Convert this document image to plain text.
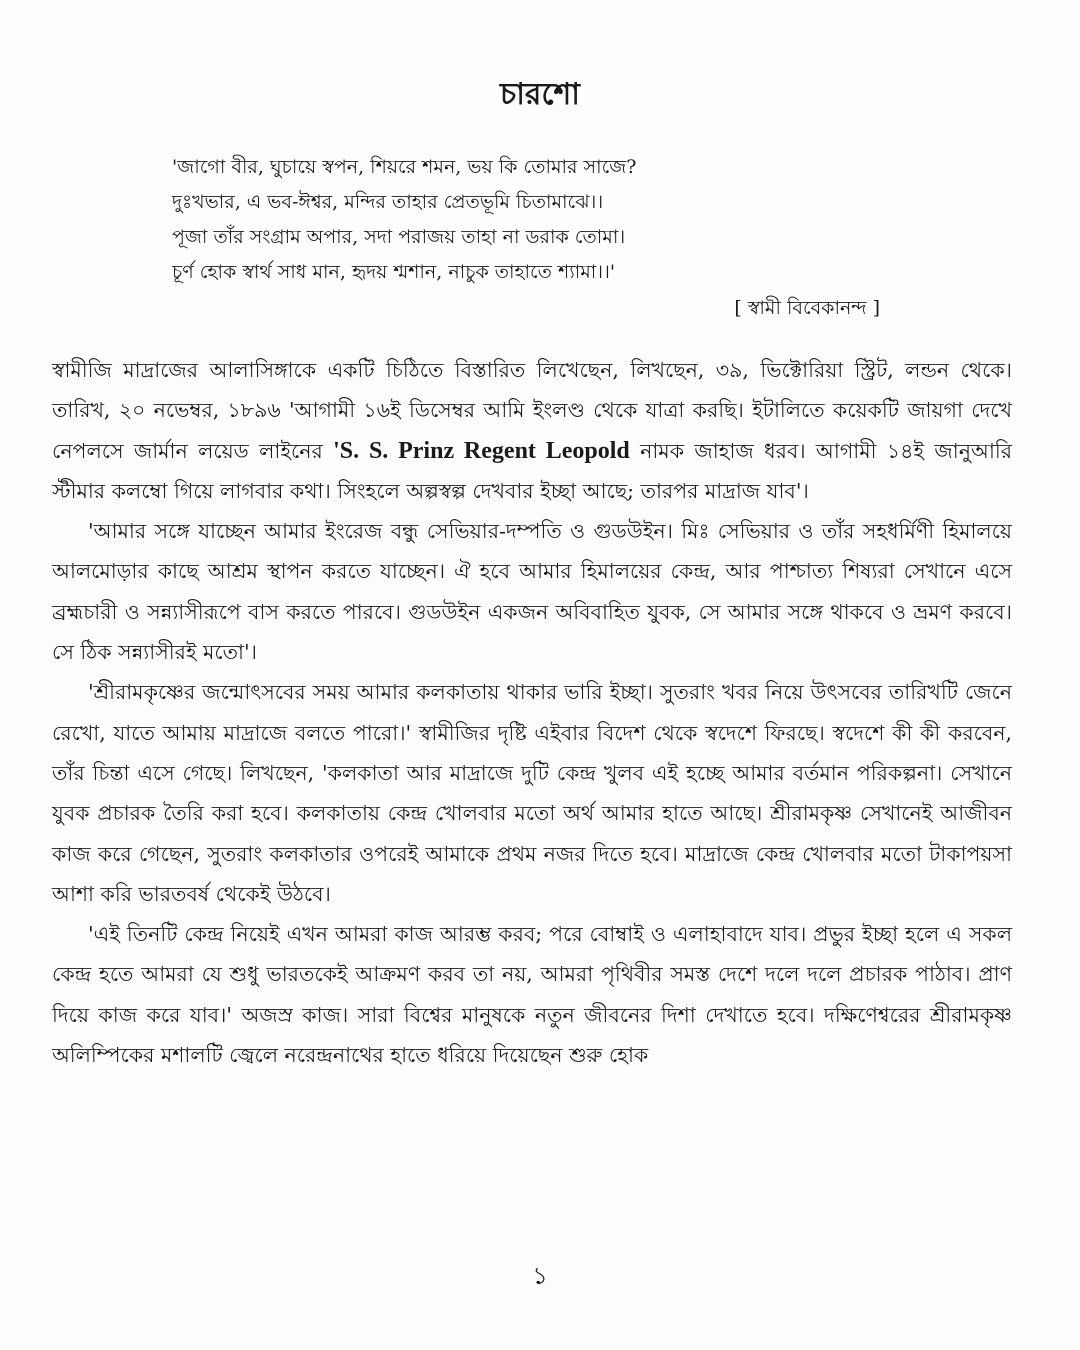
চারশো
'জাগো বীর, ঘুচায়ে স্বপন, শিয়রে শমন, ভয় কি তোমার সাজে?
দুঃখভার, এ ভব-ঈশ্বর, মন্দির তাহার প্রেতভূমি চিতামাঝে।।
পূজা তাঁর সংগ্রাম অপার, সদা পরাজয় তাহা না ডরাক তোমা।
চূর্ণ হোক স্বার্থ সাধ মান, হৃদয় শ্মশান, নাচুক তাহাতে শ্যামা।।'
[ স্বামী বিবেকানন্দ ]

স্বামীজি মাদ্রাজের আলাসিঙ্গাকে একটি চিঠিতে বিস্তারিত লিখেছেন, লিখছেন, ৩৯, ভিক্টোরিয়া স্ট্রিট, লন্ডন থেকে। তারিখ, ২০ নভেম্বর, ১৮৯৬ 'আগামী ১৬ই ডিসেম্বর আমি ইংলণ্ড থেকে যাত্রা করছি। ইটালিতে কয়েকটি জায়গা দেখে নেপলসে জার্মান লয়েড লাইনের 'S. S. Prinz Regent Leopold নামক জাহাজ ধরব। আগামী ১৪ই জানুআরি স্টীমার কলম্বো গিয়ে লাগবার কথা। সিংহলে অল্পস্বল্প দেখবার ইচ্ছা আছে; তারপর মাদ্রাজ যাব'।

'আমার সঙ্গে যাচ্ছেন আমার ইংরেজ বন্ধু সেভিয়ার-দম্পতি ও গুডউইন। মিঃ সেভিয়ার ও তাঁর সহধর্মিণী হিমালয়ে আলমোড়ার কাছে আশ্রম স্থাপন করতে যাচ্ছেন। ঐ হবে আমার হিমালয়ের কেন্দ্র, আর পাশ্চাত্য শিষ্যরা সেখানে এসে ব্রহ্মচারী ও সন্ন্যাসীরূপে বাস করতে পারবে। গুডউইন একজন অবিবাহিত যুবক, সে আমার সঙ্গে থাকবে ও ভ্রমণ করবে। সে ঠিক সন্ন্যাসীরই মতো'।

'শ্রীরামকৃষ্ণের জন্মোৎসবের সময় আমার কলকাতায় থাকার ভারি ইচ্ছা। সুতরাং খবর নিয়ে উৎসবের তারিখটি জেনে রেখো, যাতে আমায় মাদ্রাজে বলতে পারো।' স্বামীজির দৃষ্টি এইবার বিদেশ থেকে স্বদেশে ফিরছে। স্বদেশে কী কী করবেন, তাঁর চিন্তা এসে গেছে। লিখছেন, 'কলকাতা আর মাদ্রাজে দুটি কেন্দ্র খুলব এই হচ্ছে আমার বর্তমান পরিকল্পনা। সেখানে যুবক প্রচারক তৈরি করা হবে। কলকাতায় কেন্দ্র খোলবার মতো অর্থ আমার হাতে আছে। শ্রীরামকৃষ্ণ সেখানেই আজীবন কাজ করে গেছেন, সুতরাং কলকাতার ওপরেই আমাকে প্রথম নজর দিতে হবে। মাদ্রাজে কেন্দ্র খোলবার মতো টাকাপয়সা আশা করি ভারতবর্ষ থেকেই উঠবে।

'এই তিনটি কেন্দ্র নিয়েই এখন আমরা কাজ আরম্ভ করব; পরে বোম্বাই ও এলাহাবাদে যাব। প্রভুর ইচ্ছা হলে এ সকল কেন্দ্র হতে আমরা যে শুধু ভারতকেই আক্রমণ করব তা নয়, আমরা পৃথিবীর সমস্ত দেশে দলে দলে প্রচারক পাঠাব। প্রাণ দিয়ে কাজ করে যাব।' অজস্র কাজ। সারা বিশ্বের মানুষকে নতুন জীবনের দিশা দেখাতে হবে। দক্ষিণেশ্বরের শ্রীরামকৃষ্ণ অলিম্পিকের মশালটি জ্বেলে নরেন্দ্রনাথের হাতে ধরিয়ে দিয়েছেন শুরু হোক

১
